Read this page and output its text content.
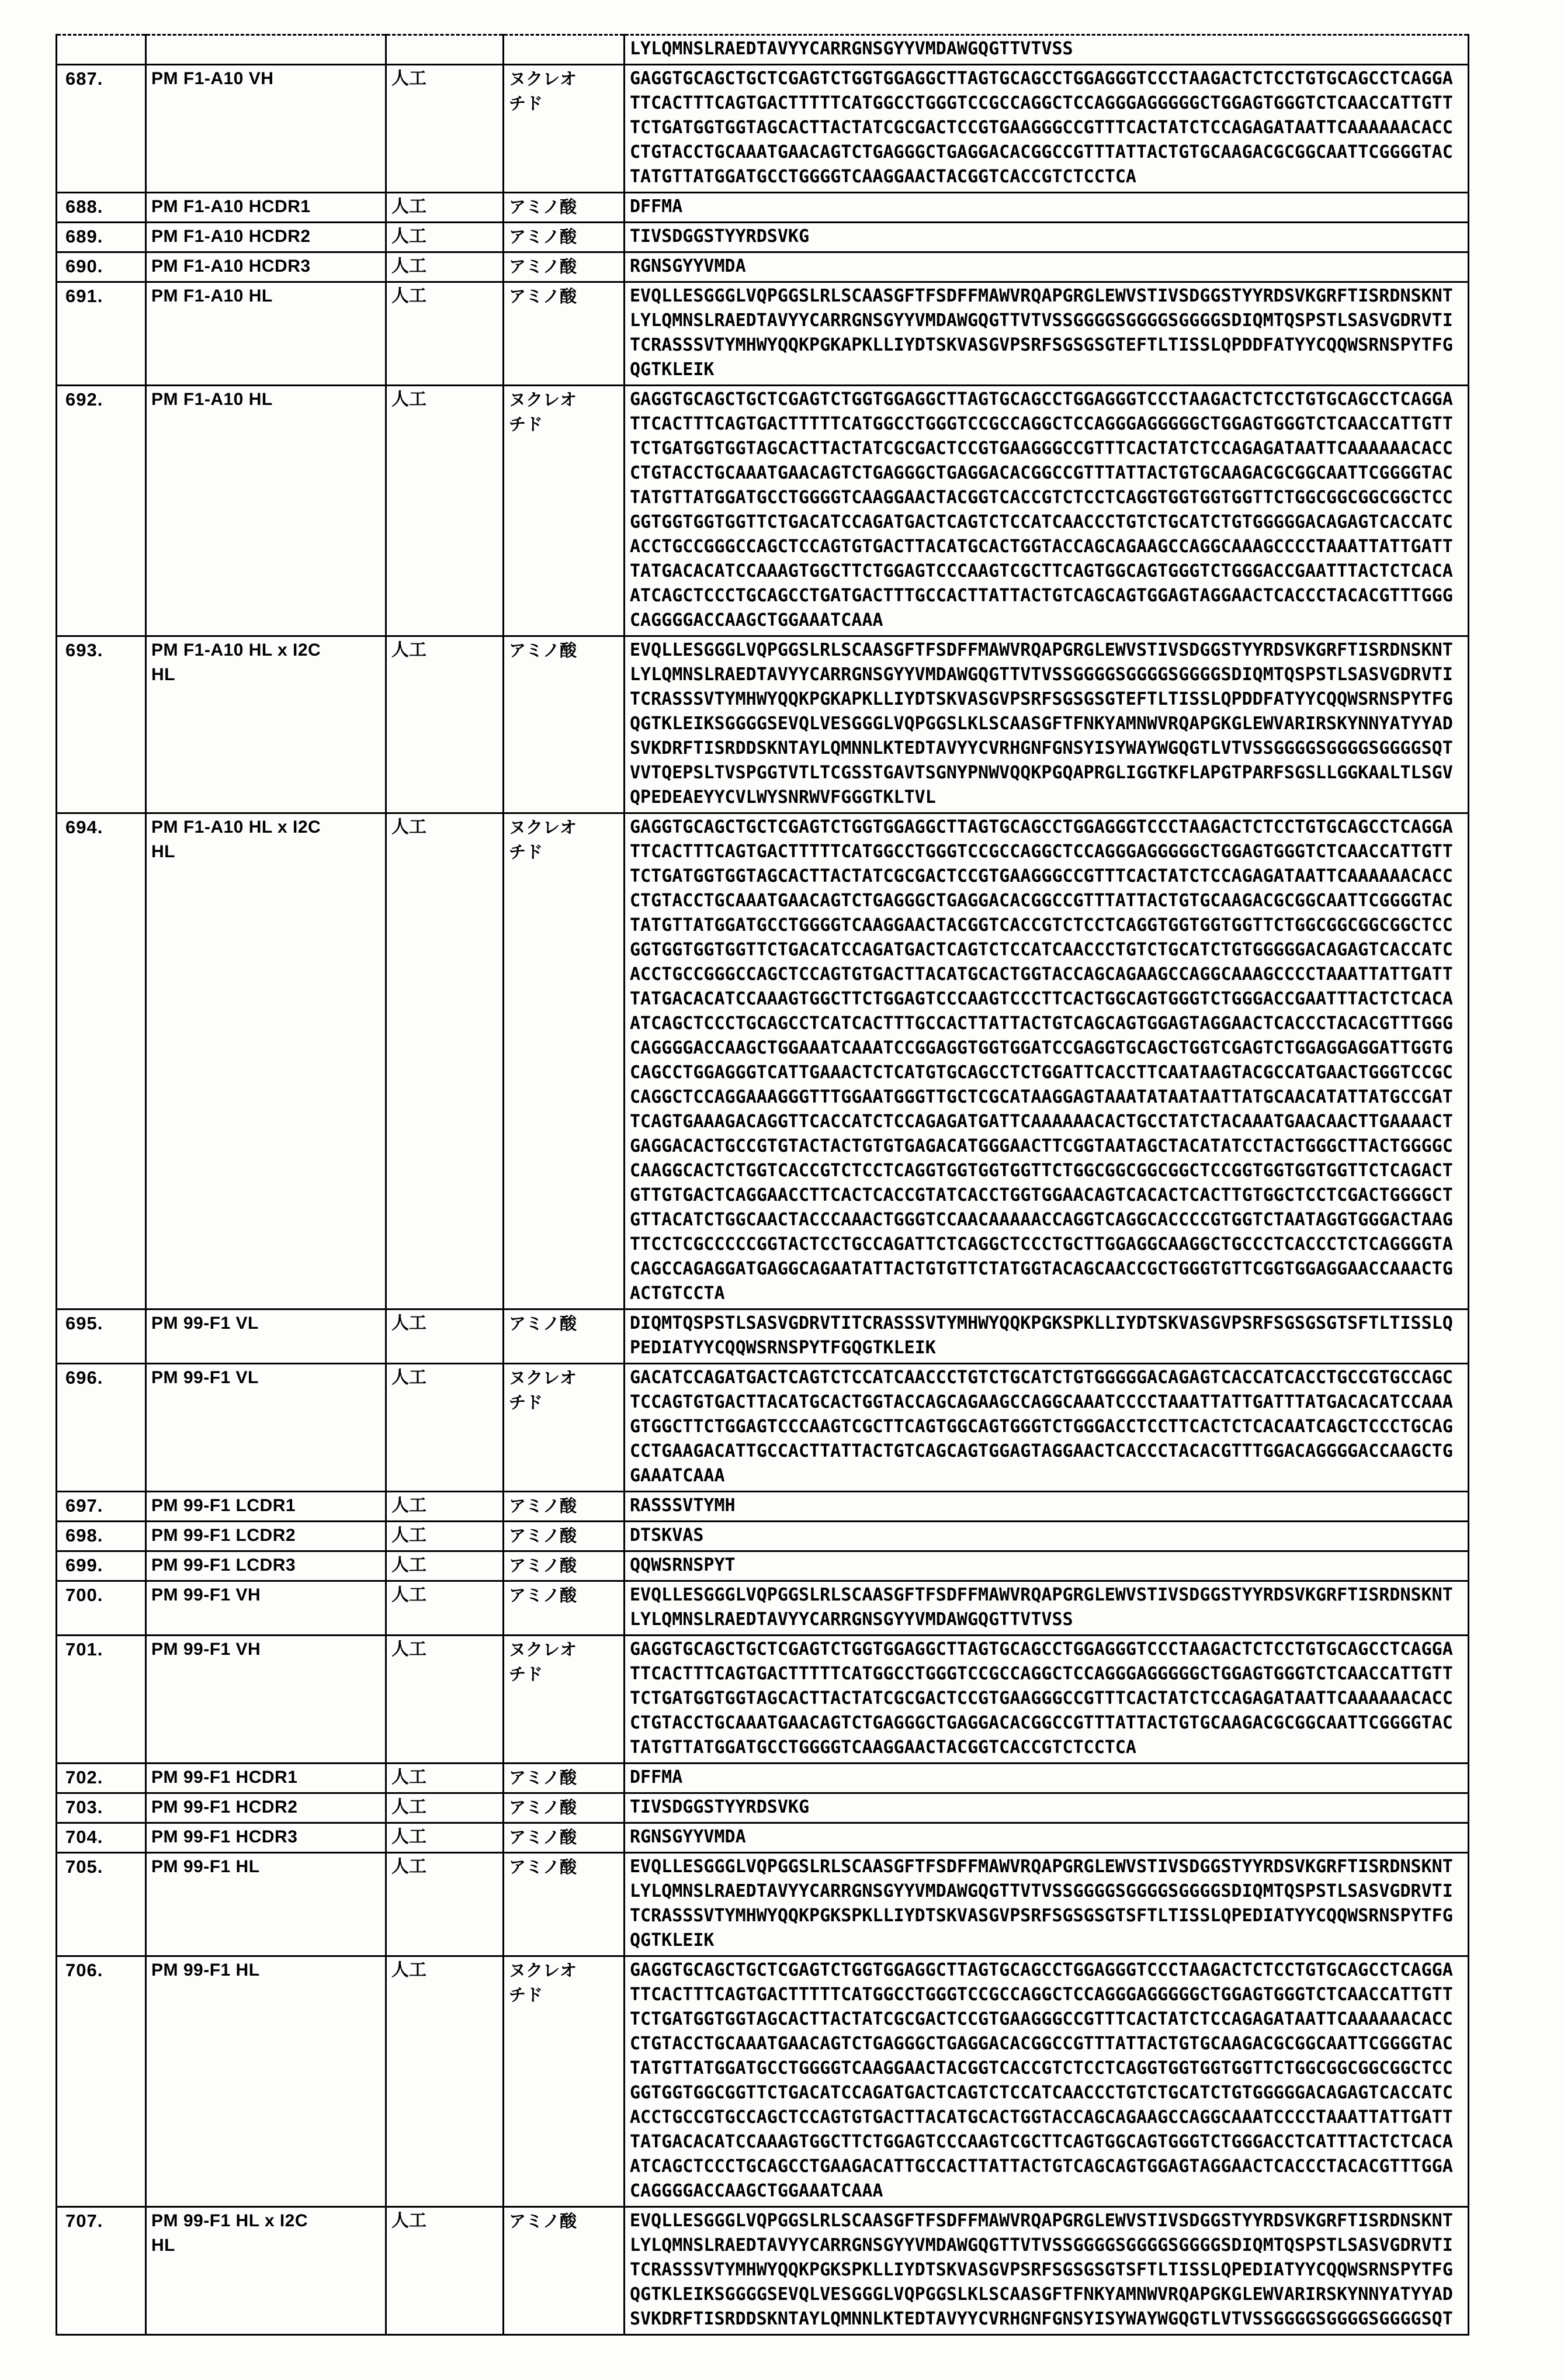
				LYLQMNSLRAEDTAVYYCARRGNSGYYVMDAWGQGTTVTVSS
687.	PM F1-A10 VH	人工	ヌクレオ
チド	GAGGTGCAGCTGCTCGAGTCTGGTGGAGGCTTAGTGCAGCCTGGAGGGTCCCTAAGACTCTCCTGTGCAGCCTCAGGA
TTCACTTTCAGTGACTTTTTCATGGCCTGGGTCCGCCAGGCTCCAGGGAGGGGGCTGGAGTGGGTCTCAACCATTGTT
TCTGATGGTGGTAGCACTTACTATCGCGACTCCGTGAAGGGCCGTTTCACTATCTCCAGAGATAATTCAAAAAACACC
CTGTACCTGCAAATGAACAGTCTGAGGGCTGAGGACACGGCCGTTTATTACTGTGCAAGACGCGGCAATTCGGGGTAC
TATGTTATGGATGCCTGGGGTCAAGGAACTACGGTCACCGTCTCCTCA
688.	PM F1-A10 HCDR1	人工	アミノ酸	DFFMA
689.	PM F1-A10 HCDR2	人工	アミノ酸	TIVSDGGSTYYRDSVKG
690.	PM F1-A10 HCDR3	人工	アミノ酸	RGNSGYYVMDA
691.	PM F1-A10 HL	人工	アミノ酸	EVQLLESGGGLVQPGGSLRLSCAASGFTFSDFFMAWVRQAPGRGLEWVSTIVSDGGSTYYRDSVKGRFTISRDNSKNT
LYLQMNSLRAEDTAVYYCARRGNSGYYVMDAWGQGTTVTVSSGGGGSGGGGSGGGGSDIQMTQSPSTLSASVGDRVTI
TCRASSSVTYMHWYQQKPGKAPKLLIYDTSKVASGVPSRFSGSGSGTEFTLTISSLQPDDFATYYCQQWSRNSPYTFG
QGTKLEIK
692.	PM F1-A10 HL	人工	ヌクレオ
チド	GAGGTGCAGCTGCTCGAGTCTGGTGGAGGCTTAGTGCAGCCTGGAGGGTCCCTAAGACTCTCCTGTGCAGCCTCAGGA
TTCACTTTCAGTGACTTTTTCATGGCCTGGGTCCGCCAGGCTCCAGGGAGGGGGCTGGAGTGGGTCTCAACCATTGTT
TCTGATGGTGGTAGCACTTACTATCGCGACTCCGTGAAGGGCCGTTTCACTATCTCCAGAGATAATTCAAAAAACACC
CTGTACCTGCAAATGAACAGTCTGAGGGCTGAGGACACGGCCGTTTATTACTGTGCAAGACGCGGCAATTCGGGGTAC
TATGTTATGGATGCCTGGGGTCAAGGAACTACGGTCACCGTCTCCTCAGGTGGTGGTGGTTCTGGCGGCGGCGGCTCC
GGTGGTGGTGGTTCTGACATCCAGATGACTCAGTCTCCATCAACCCTGTCTGCATCTGTGGGGGACAGAGTCACCATC
ACCTGCCGGGCCAGCTCCAGTGTGACTTACATGCACTGGTACCAGCAGAAGCCAGGCAAAGCCCCTAAATTATTGATT
TATGACACATCCAAAGTGGCTTCTGGAGTCCCAAGTCGCTTCAGTGGCAGTGGGTCTGGGACCGAATTTACTCTCACA
ATCAGCTCCCTGCAGCCTGATGACTTTGCCACTTATTACTGTCAGCAGTGGAGTAGGAACTCACCCTACACGTTTGGG
CAGGGGACCAAGCTGGAAATCAAA
693.	PM F1-A10 HL x I2C
HL	人工	アミノ酸	EVQLLESGGGLVQPGGSLRLSCAASGFTFSDFFMAWVRQAPGRGLEWVSTIVSDGGSTYYRDSVKGRFTISRDNSKNT
LYLQMNSLRAEDTAVYYCARRGNSGYYVMDAWGQGTTVTVSSGGGGSGGGGSGGGGSDIQMTQSPSTLSASVGDRVTI
TCRASSSVTYMHWYQQKPGKAPKLLIYDTSKVASGVPSRFSGSGSGTEFTLTISSLQPDDFATYYCQQWSRNSPYTFG
QGTKLEIKSGGGGSEVQLVESGGGLVQPGGSLKLSCAASGFTFNKYAMNWVRQAPGKGLEWVARIRSKYNNYATYYAD
SVKDRFTISRDDSKNTAYLQMNNLKTEDTAVYYCVRHGNFGNSYISYWAYWGQGTLVTVSSGGGGSGGGGSGGGGSQT
VVTQEPSLTVSPGGTVTLTCGSSTGAVTSGNYPNWVQQKPGQAPRGLIGGTKFLAPGTPARFSGSLLGGKAALTLSGV
QPEDEAEYYCVLWYSNRWVFGGGTKLTVL
694.	PM F1-A10 HL x I2C
HL	人工	ヌクレオ
チド	GAGGTGCAGCTGCTCGAGTCTGGTGGAGGCTTAGTGCAGCCTGGAGGGTCCCTAAGACTCTCCTGTGCAGCCTCAGGA
TTCACTTTCAGTGACTTTTTCATGGCCTGGGTCCGCCAGGCTCCAGGGAGGGGGCTGGAGTGGGTCTCAACCATTGTT
TCTGATGGTGGTAGCACTTACTATCGCGACTCCGTGAAGGGCCGTTTCACTATCTCCAGAGATAATTCAAAAAACACC
CTGTACCTGCAAATGAACAGTCTGAGGGCTGAGGACACGGCCGTTTATTACTGTGCAAGACGCGGCAATTCGGGGTAC
TATGTTATGGATGCCTGGGGTCAAGGAACTACGGTCACCGTCTCCTCAGGTGGTGGTGGTTCTGGCGGCGGCGGCTCC
GGTGGTGGTGGTTCTGACATCCAGATGACTCAGTCTCCATCAACCCTGTCTGCATCTGTGGGGGACAGAGTCACCATC
ACCTGCCGGGCCAGCTCCAGTGTGACTTACATGCACTGGTACCAGCAGAAGCCAGGCAAAGCCCCTAAATTATTGATT
TATGACACATCCAAAGTGGCTTCTGGAGTCCCAAGTCCCTTCACTGGCAGTGGGTCTGGGACCGAATTTACTCTCACA
ATCAGCTCCCTGCAGCCTCATCACTTTGCCACTTATTACTGTCAGCAGTGGAGTAGGAACTCACCCTACACGTTTGGG
CAGGGGACCAAGCTGGAAATCAAATCCGGAGGTGGTGGATCCGAGGTGCAGCTGGTCGAGTCTGGAGGAGGATTGGTG
CAGCCTGGAGGGTCATTGAAACTCTCATGTGCAGCCTCTGGATTCACCTTCAATAAGTACGCCATGAACTGGGTCCGC
CAGGCTCCAGGAAAGGGTTTGGAATGGGTTGCTCGCATAAGGAGTAAATATAATAATTATGCAACATATTATGCCGAT
TCAGTGAAAGACAGGTTCACCATCTCCAGAGATGATTCAAAAAACACTGCCTATCTACAAATGAACAACTTGAAAACT
GAGGACACTGCCGTGTACTACTGTGTGAGACATGGGAACTTCGGTAATAGCTACATATCCTACTGGGCTTACTGGGGC
CAAGGCACTCTGGTCACCGTCTCCTCAGGTGGTGGTGGTTCTGGCGGCGGCGGCTCCGGTGGTGGTGGTTCTCAGACT
GTTGTGACTCAGGAACCTTCACTCACCGTATCACCTGGTGGAACAGTCACACTCACTTGTGGCTCCTCGACTGGGGCT
GTTACATCTGGCAACTACCCAAACTGGGTCCAACAAAAACCAGGTCAGGCACCCCGTGGTCTAATAGGTGGGACTAAG
TTCCTCGCCCCCGGTACTCCTGCCAGATTCTCAGGCTCCCTGCTTGGAGGCAAGGCTGCCCTCACCCTCTCAGGGGTA
CAGCCAGAGGATGAGGCAGAATATTACTGTGTTCTATGGTACAGCAACCGCTGGGTGTTCGGTGGAGGAACCAAACTG
ACTGTCCTA
695.	PM 99-F1 VL	人工	アミノ酸	DIQMTQSPSTLSASVGDRVTITCRASSSVTYMHWYQQKPGKSPKLLIYDTSKVASGVPSRFSGSGSGTSFTLTISSLQ
PEDIATYYCQQWSRNSPYTFGQGTKLEIK
696.	PM 99-F1 VL	人工	ヌクレオ
チド	GACATCCAGATGACTCAGTCTCCATCAACCCTGTCTGCATCTGTGGGGGACAGAGTCACCATCACCTGCCGTGCCAGC
TCCAGTGTGACTTACATGCACTGGTACCAGCAGAAGCCAGGCAAATCCCCTAAATTATTGATTTATGACACATCCAAA
GTGGCTTCTGGAGTCCCAAGTCGCTTCAGTGGCAGTGGGTCTGGGACCTCCTTCACTCTCACAATCAGCTCCCTGCAG
CCTGAAGACATTGCCACTTATTACTGTCAGCAGTGGAGTAGGAACTCACCCTACACGTTTGGACAGGGGACCAAGCTG
GAAATCAAA
697.	PM 99-F1 LCDR1	人工	アミノ酸	RASSSVTYMH
698.	PM 99-F1 LCDR2	人工	アミノ酸	DTSKVAS
699.	PM 99-F1 LCDR3	人工	アミノ酸	QQWSRNSPYT
700.	PM 99-F1 VH	人工	アミノ酸	EVQLLESGGGLVQPGGSLRLSCAASGFTFSDFFMAWVRQAPGRGLEWVSTIVSDGGSTYYRDSVKGRFTISRDNSKNT
LYLQMNSLRAEDTAVYYCARRGNSGYYVMDAWGQGTTVTVSS
701.	PM 99-F1 VH	人工	ヌクレオ
チド	GAGGTGCAGCTGCTCGAGTCTGGTGGAGGCTTAGTGCAGCCTGGAGGGTCCCTAAGACTCTCCTGTGCAGCCTCAGGA
TTCACTTTCAGTGACTTTTTCATGGCCTGGGTCCGCCAGGCTCCAGGGAGGGGGCTGGAGTGGGTCTCAACCATTGTT
TCTGATGGTGGTAGCACTTACTATCGCGACTCCGTGAAGGGCCGTTTCACTATCTCCAGAGATAATTCAAAAAACACC
CTGTACCTGCAAATGAACAGTCTGAGGGCTGAGGACACGGCCGTTTATTACTGTGCAAGACGCGGCAATTCGGGGTAC
TATGTTATGGATGCCTGGGGTCAAGGAACTACGGTCACCGTCTCCTCA
702.	PM 99-F1 HCDR1	人工	アミノ酸	DFFMA
703.	PM 99-F1 HCDR2	人工	アミノ酸	TIVSDGGSTYYRDSVKG
704.	PM 99-F1 HCDR3	人工	アミノ酸	RGNSGYYVMDA
705.	PM 99-F1 HL	人工	アミノ酸	EVQLLESGGGLVQPGGSLRLSCAASGFTFSDFFMAWVRQAPGRGLEWVSTIVSDGGSTYYRDSVKGRFTISRDNSKNT
LYLQMNSLRAEDTAVYYCARRGNSGYYVMDAWGQGTTVTVSSGGGGSGGGGSGGGGSDIQMTQSPSTLSASVGDRVTI
TCRASSSVTYMHWYQQKPGKSPKLLIYDTSKVASGVPSRFSGSGSGTSFTLTISSLQPEDIATYYCQQWSRNSPYTFG
QGTKLEIK
706.	PM 99-F1 HL	人工	ヌクレオ
チド	GAGGTGCAGCTGCTCGAGTCTGGTGGAGGCTTAGTGCAGCCTGGAGGGTCCCTAAGACTCTCCTGTGCAGCCTCAGGA
TTCACTTTCAGTGACTTTTTCATGGCCTGGGTCCGCCAGGCTCCAGGGAGGGGGCTGGAGTGGGTCTCAACCATTGTT
TCTGATGGTGGTAGCACTTACTATCGCGACTCCGTGAAGGGCCGTTTCACTATCTCCAGAGATAATTCAAAAAACACC
CTGTACCTGCAAATGAACAGTCTGAGGGCTGAGGACACGGCCGTTTATTACTGTGCAAGACGCGGCAATTCGGGGTAC
TATGTTATGGATGCCTGGGGTCAAGGAACTACGGTCACCGTCTCCTCAGGTGGTGGTGGTTCTGGCGGCGGCGGCTCC
GGTGGTGGCGGTTCTGACATCCAGATGACTCAGTCTCCATCAACCCTGTCTGCATCTGTGGGGGACAGAGTCACCATC
ACCTGCCGTGCCAGCTCCAGTGTGACTTACATGCACTGGTACCAGCAGAAGCCAGGCAAATCCCCTAAATTATTGATT
TATGACACATCCAAAGTGGCTTCTGGAGTCCCAAGTCGCTTCAGTGGCAGTGGGTCTGGGACCTCATTTACTCTCACA
ATCAGCTCCCTGCAGCCTGAAGACATTGCCACTTATTACTGTCAGCAGTGGAGTAGGAACTCACCCTACACGTTTGGA
CAGGGGACCAAGCTGGAAATCAAA
707.	PM 99-F1 HL x I2C
HL	人工	アミノ酸	EVQLLESGGGLVQPGGSLRLSCAASGFTFSDFFMAWVRQAPGRGLEWVSTIVSDGGSTYYRDSVKGRFTISRDNSKNT
LYLQMNSLRAEDTAVYYCARRGNSGYYVMDAWGQGTTVTVSSGGGGSGGGGSGGGGSDIQMTQSPSTLSASVGDRVTI
TCRASSSVTYMHWYQQKPGKSPKLLIYDTSKVASGVPSRFSGSGSGTSFTLTISSLQPEDIATYYCQQWSRNSPYTFG
QGTKLEIKSGGGGSEVQLVESGGGLVQPGGSLKLSCAASGFTFNKYAMNWVRQAPGKGLEWVARIRSKYNNYATYYAD
SVKDRFTISRDDSKNTAYLQMNNLKTEDTAVYYCVRHGNFGNSYISYWAYWGQGTLVTVSSGGGGSGGGGSGGGGSQT
